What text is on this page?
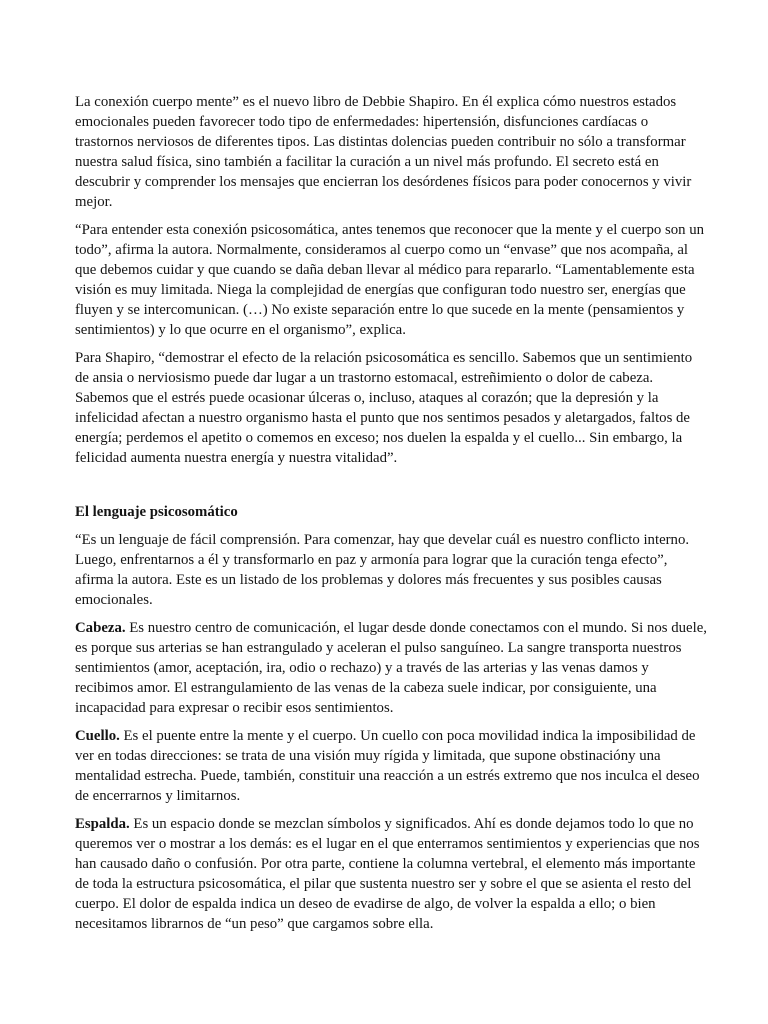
La conexión cuerpo mente” es el nuevo libro de Debbie Shapiro. En él explica cómo nuestros estados
emocionales pueden favorecer todo tipo de enfermedades: hipertensión, disfunciones cardíacas o
trastornos nerviosos de diferentes tipos. Las distintas dolencias pueden contribuir no sólo a transformar
nuestra salud física, sino también a facilitar la curación a un nivel más profundo. El secreto está en
descubrir y comprender los mensajes que encierran los desórdenes físicos para poder conocernos y vivir
mejor.
“Para entender esta conexión psicosomática, antes tenemos que reconocer que la mente y el cuerpo son un
todo”, afirma la autora. Normalmente, consideramos al cuerpo como un “envase” que nos acompaña, al
que debemos cuidar y que cuando se daña deban llevar al médico para repararlo. “Lamentablemente esta
visión es muy limitada. Niega la complejidad de energías que configuran todo nuestro ser, energías que
fluyen y se intercomunican. (…) No existe separación entre lo que sucede en la mente (pensamientos y
sentimientos) y lo que ocurre en el organismo”, explica.
Para Shapiro, “demostrar el efecto de la relación psicosomática es sencillo. Sabemos que un sentimiento
de ansia o nerviosismo puede dar lugar a un trastorno estomacal, estreñimiento o dolor de cabeza.
Sabemos que el estrés puede ocasionar úlceras o, incluso, ataques al corazón; que la depresión y la
infelicidad afectan a nuestro organismo hasta el punto que nos sentimos pesados y aletargados, faltos de
energía; perdemos el apetito o comemos en exceso; nos duelen la espalda y el cuello... Sin embargo, la
felicidad aumenta nuestra energía y nuestra vitalidad”.
El lenguaje psicosomático
“Es un lenguaje de fácil comprensión. Para comenzar, hay que develar cuál es nuestro conflicto interno.
Luego, enfrentarnos a él y transformarlo en paz y armonía para lograr que la curación tenga efecto”,
afirma la autora. Este es un listado de los problemas y dolores más frecuentes y sus posibles causas
emocionales.
Cabeza. Es nuestro centro de comunicación, el lugar desde donde conectamos con el mundo. Si nos duele,
es porque sus arterias se han estrangulado y aceleran el pulso sanguíneo. La sangre transporta nuestros
sentimientos (amor, aceptación, ira, odio o rechazo) y a través de las arterias y las venas damos y
recibimos amor. El estrangulamiento de las venas de la cabeza suele indicar, por consiguiente, una
incapacidad para expresar o recibir esos sentimientos.
Cuello. Es el puente entre la mente y el cuerpo. Un cuello con poca movilidad indica la imposibilidad de
ver en todas direcciones: se trata de una visión muy rígida y limitada, que supone obstinacióny una
mentalidad estrecha. Puede, también, constituir una reacción a un estrés extremo que nos inculca el deseo
de encerrarnos y limitarnos.
Espalda. Es un espacio donde se mezclan símbolos y significados. Ahí es donde dejamos todo lo que no
queremos ver o mostrar a los demás: es el lugar en el que enterramos sentimientos y experiencias que nos
han causado daño o confusión. Por otra parte, contiene la columna vertebral, el elemento más importante
de toda la estructura psicosomática, el pilar que sustenta nuestro ser y sobre el que se asienta el resto del
cuerpo. El dolor de espalda indica un deseo de evadirse de algo, de volver la espalda a ello; o bien
necesitamos librarnos de “un peso” que cargamos sobre ella.
